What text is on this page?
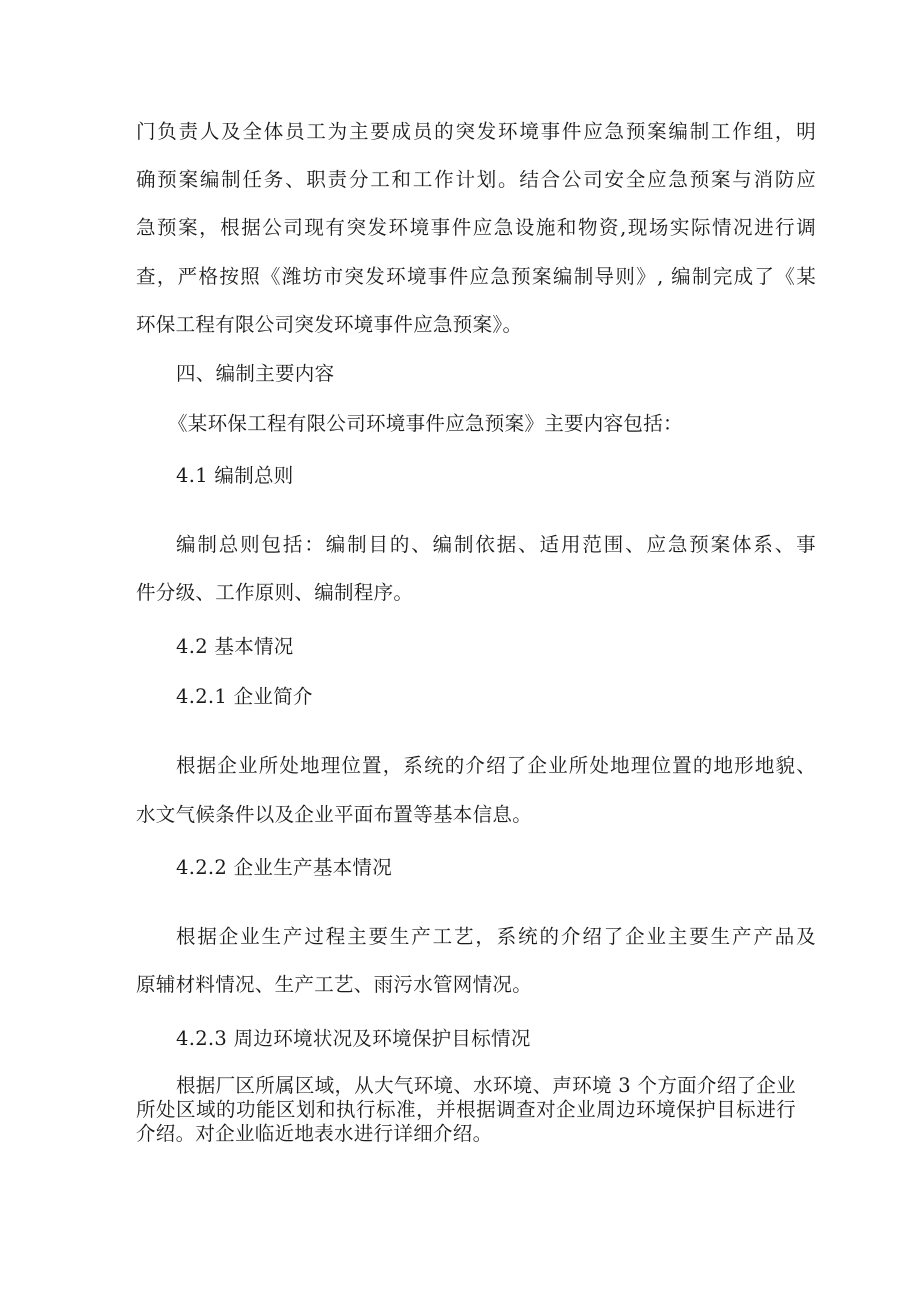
门负责人及全体员工为主要成员的突发环境事件应急预案编制工作组，明
确预案编制任务、职责分工和工作计划。结合公司安全应急预案与消防应
急预案，根据公司现有突发环境事件应急设施和物资,现场实际情况进行调
查，严格按照《潍坊市突发环境事件应急预案编制导则》, 编制完成了《某
环保工程有限公司突发环境事件应急预案》。
四、编制主要内容
《某环保工程有限公司环境事件应急预案》主要内容包括：
4.1 编制总则
编制总则包括：编制目的、编制依据、适用范围、应急预案体系、事
件分级、工作原则、编制程序。
4.2 基本情况
4.2.1 企业简介
根据企业所处地理位置，系统的介绍了企业所处地理位置的地形地貌、
水文气候条件以及企业平面布置等基本信息。
4.2.2 企业生产基本情况
根据企业生产过程主要生产工艺，系统的介绍了企业主要生产产品及
原辅材料情况、生产工艺、雨污水管网情况。
4.2.3 周边环境状况及环境保护目标情况
根据厂区所属区域，从大气环境、水环境、声环境 3 个方面介绍了企业所处区域的功能区划和执行标准，并根据调查对企业周边环境保护目标进行介绍。对企业临近地表水进行详细介绍。
